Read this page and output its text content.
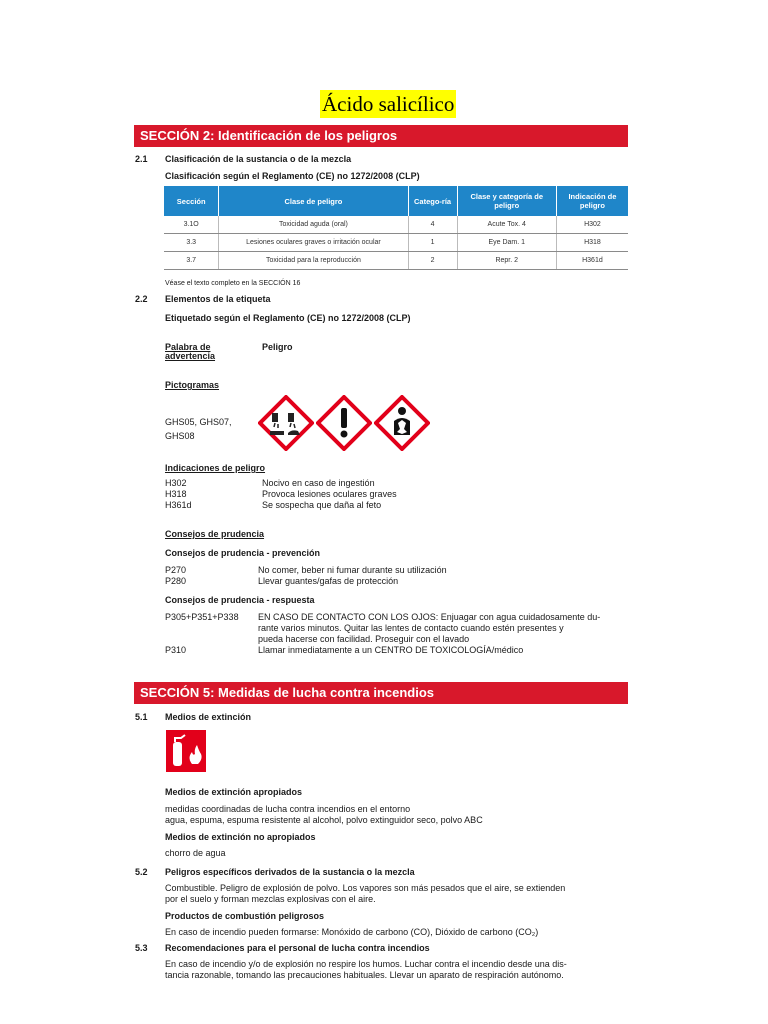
Ácido salicílico
SECCIÓN 2: Identificación de los peligros
2.1 Clasificación de la sustancia o de la mezcla
Clasificación según el Reglamento (CE) no 1272/2008 (CLP)
Sección	Clase de peligro	Catego-ría	Clase y categoría de peligro	Indicación de peligro
3.1O	Toxicidad aguda (oral)	4	Acute Tox. 4	H302
3.3	Lesiones oculares graves o irritación ocular	1	Eye Dam. 1	H318
3.7	Toxicidad para la reproducción	2	Repr. 2	H361d
Véase el texto completo en la SECCIÓN 16
2.2 Elementos de la etiqueta
Etiquetado según el Reglamento (CE) no 1272/2008 (CLP)
Palabra de
advertencia
Peligro
Pictogramas
GHS05, GHS07,
GHS08
Indicaciones de peligro
H302	Nocivo en caso de ingestión
H318	Provoca lesiones oculares graves
H361d	Se sospecha que daña al feto
Consejos de prudencia
Consejos de prudencia - prevención
P270	No comer, beber ni fumar durante su utilización
P280	Llevar guantes/gafas de protección
Consejos de prudencia - respuesta
P305+P351+P338 EN CASO DE CONTACTO CON LOS OJOS: Enjuagar con agua cuidadosamente du-
rante varios minutos. Quitar las lentes de contacto cuando estén presentes y
pueda hacerse con facilidad. Proseguir con el lavado
P310	Llamar inmediatamente a un CENTRO DE TOXICOLOGÍA/médico
SECCIÓN 5: Medidas de lucha contra incendios
5.1 Medios de extinción
Medios de extinción apropiados
medidas coordinadas de lucha contra incendios en el entorno
agua, espuma, espuma resistente al alcohol, polvo extinguidor seco, polvo ABC
Medios de extinción no apropiados
chorro de agua
5.2 Peligros específicos derivados de la sustancia o la mezcla
Combustible. Peligro de explosión de polvo. Los vapores son más pesados que el aire, se extienden
por el suelo y forman mezclas explosivas con el aire.
Productos de combustión peligrosos
En caso de incendio pueden formarse: Monóxido de carbono (CO), Dióxido de carbono (CO₂)
5.3 Recomendaciones para el personal de lucha contra incendios
En caso de incendio y/o de explosión no respire los humos. Luchar contra el incendio desde una dis-
tancia razonable, tomando las precauciones habituales. Llevar un aparato de respiración autónomo.
